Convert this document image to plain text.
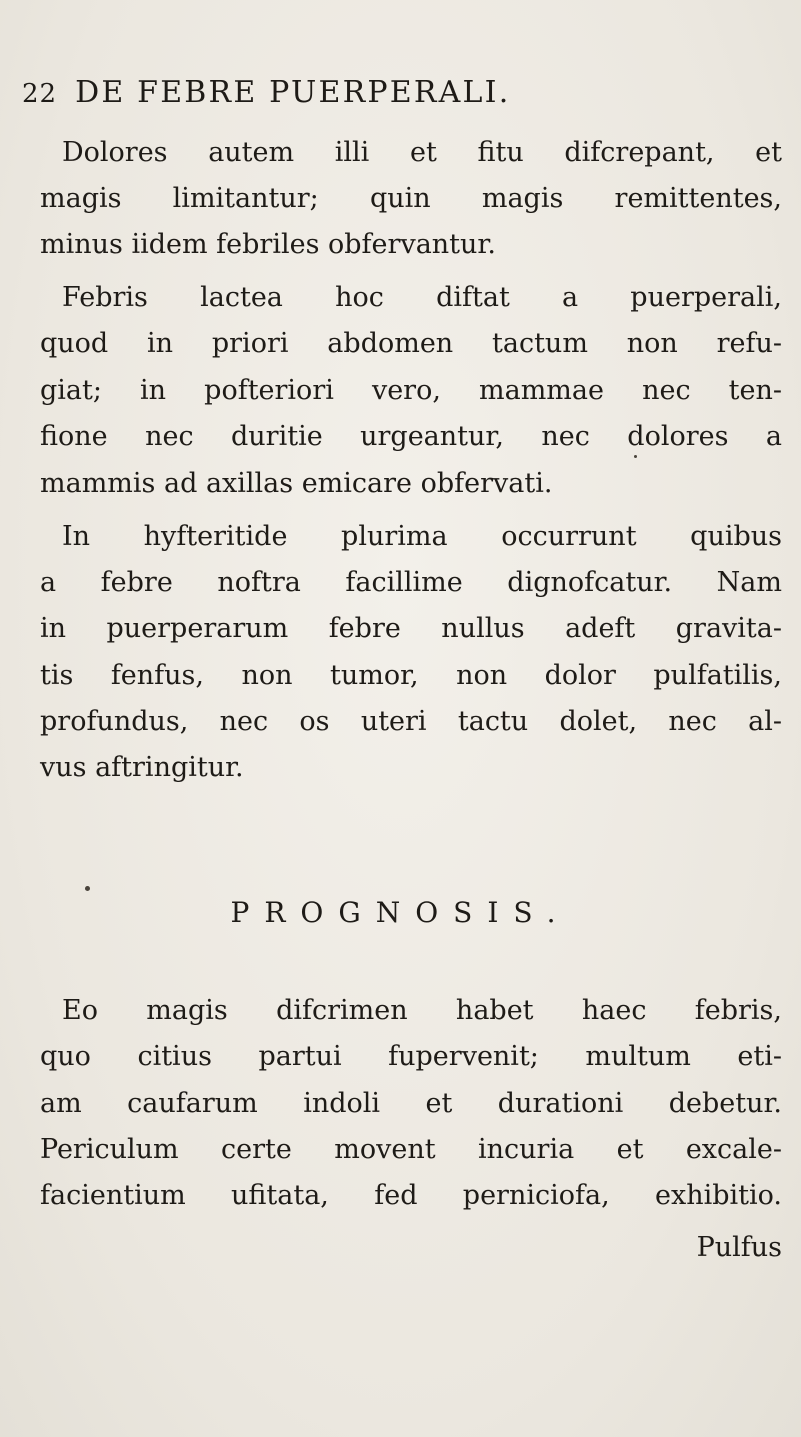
22 DE FEBRE PUERPERALI.
Dolores autem illi et fitu difcrepant, et
magis limitantur; quin magis remittentes,
minus iidem febriles obfervantur.
Febris lactea hoc diftat a puerperali,
quod in priori abdomen tactum non refu-
giat; in pofteriori vero, mammae nec ten-
fione nec duritie urgeantur, nec dolores a
mammis ad axillas emicare obfervati.
In hyfteritide plurima occurrunt quibus
a febre noftra facillime dignofcatur. Nam
in puerperarum febre nullus adeft gravita-
tis fenfus, non tumor, non dolor pulfatilis,
profundus, nec os uteri tactu dolet, nec al-
vus aftringitur.
PROGNOSIS.
Eo magis difcrimen habet haec febris,
quo citius partui fupervenit; multum eti-
am caufarum indoli et durationi debetur.
Periculum certe movent incuria et excale-
facientium ufitata, fed perniciofa, exhibitio.
Pulfus
